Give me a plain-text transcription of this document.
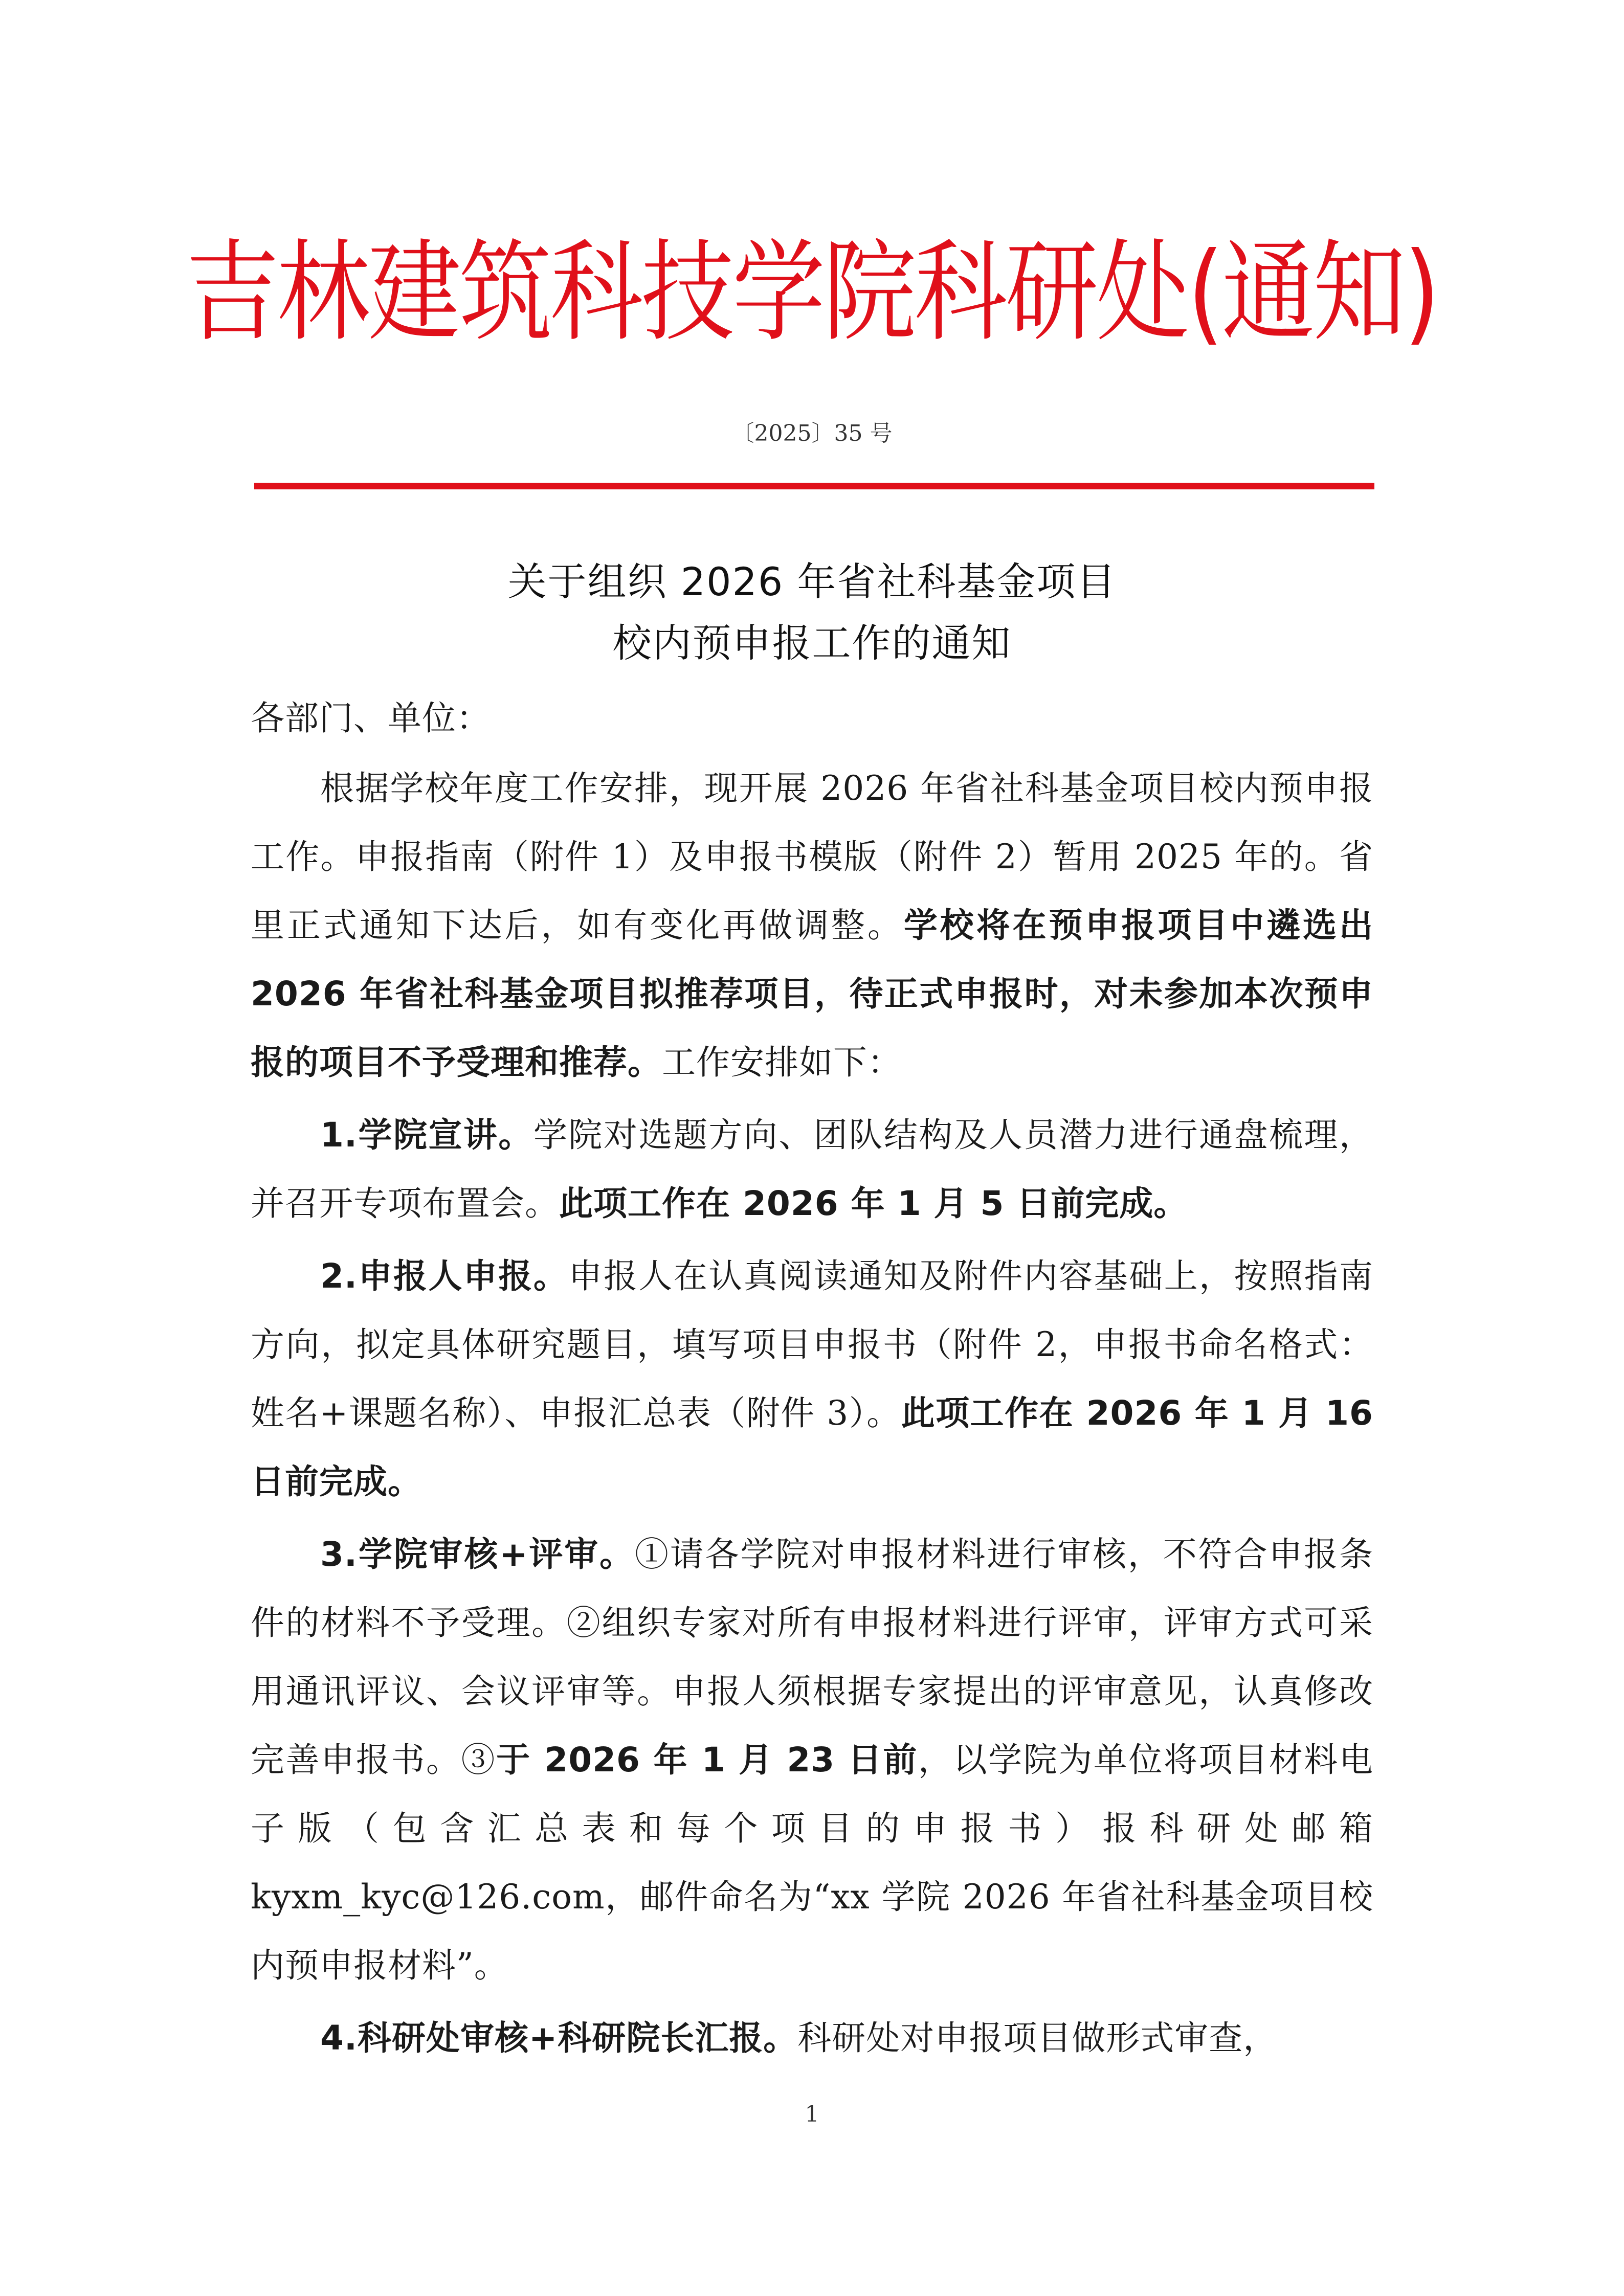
吉林建筑科技学院科研处(通知)
〔2025〕35 号
关于组织 2026 年省社科基金项目
校内预申报工作的通知

各部门、单位：

根据学校年度工作安排，现开展 2026 年省社科基金项目校内预申报工作。申报指南（附件 1）及申报书模版（附件 2）暂用 2025 年的。省里正式通知下达后，如有变化再做调整。学校将在预申报项目中遴选出 2026 年省社科基金项目拟推荐项目，待正式申报时，对未参加本次预申报的项目不予受理和推荐。工作安排如下：

1.学院宣讲。学院对选题方向、团队结构及人员潜力进行通盘梳理，并召开专项布置会。此项工作在 2026 年 1 月 5 日前完成。

2.申报人申报。申报人在认真阅读通知及附件内容基础上，按照指南方向，拟定具体研究题目，填写项目申报书（附件 2，申报书命名格式：姓名+课题名称）、申报汇总表（附件 3）。此项工作在 2026 年 1 月 16 日前完成。

3.学院审核+评审。①请各学院对申报材料进行审核，不符合申报条件的材料不予受理。②组织专家对所有申报材料进行评审，评审方式可采用通讯评议、会议评审等。申报人须根据专家提出的评审意见，认真修改完善申报书。③于 2026 年 1 月 23 日前，以学院为单位将项目材料电子版（包含汇总表和每个项目的申报书）报科研处邮箱 kyxm_kyc@126.com，邮件命名为“xx 学院 2026 年省社科基金项目校内预申报材料”。

4.科研处审核+科研院长汇报。科研处对申报项目做形式审查，

1
